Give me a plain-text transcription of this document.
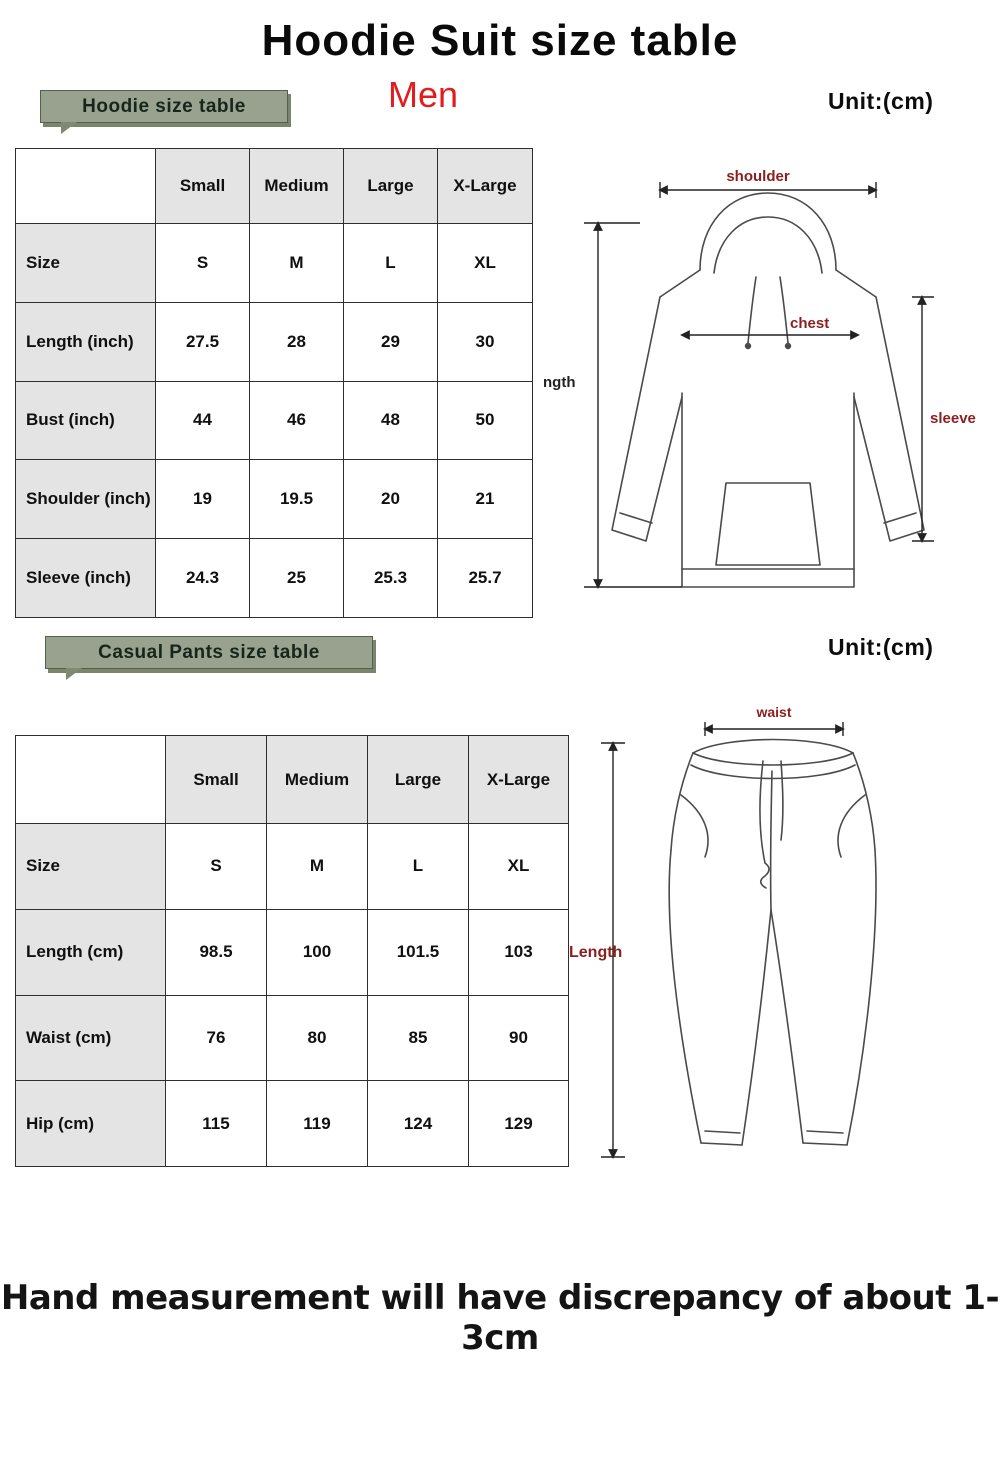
Hoodie Suit size table
Men
Hoodie size table	Unit:(cm)
	Small	Medium	Large	X-Large
Size	S	M	L	XL
Length (inch)	27.5	28	29	30
Bust (inch)	44	46	48	50
Shoulder (inch)	19	19.5	20	21
Sleeve (inch)	24.3	25	25.3	25.7
shoulder
chest
ngth
sleeve
Casual Pants size table	Unit:(cm)
	Small	Medium	Large	X-Large
Size	S	M	L	XL
Length (cm)	98.5	100	101.5	103
Waist (cm)	76	80	85	90
Hip (cm)	115	119	124	129
waist
Length
Hand measurement will have discrepancy of about 1-3cm
